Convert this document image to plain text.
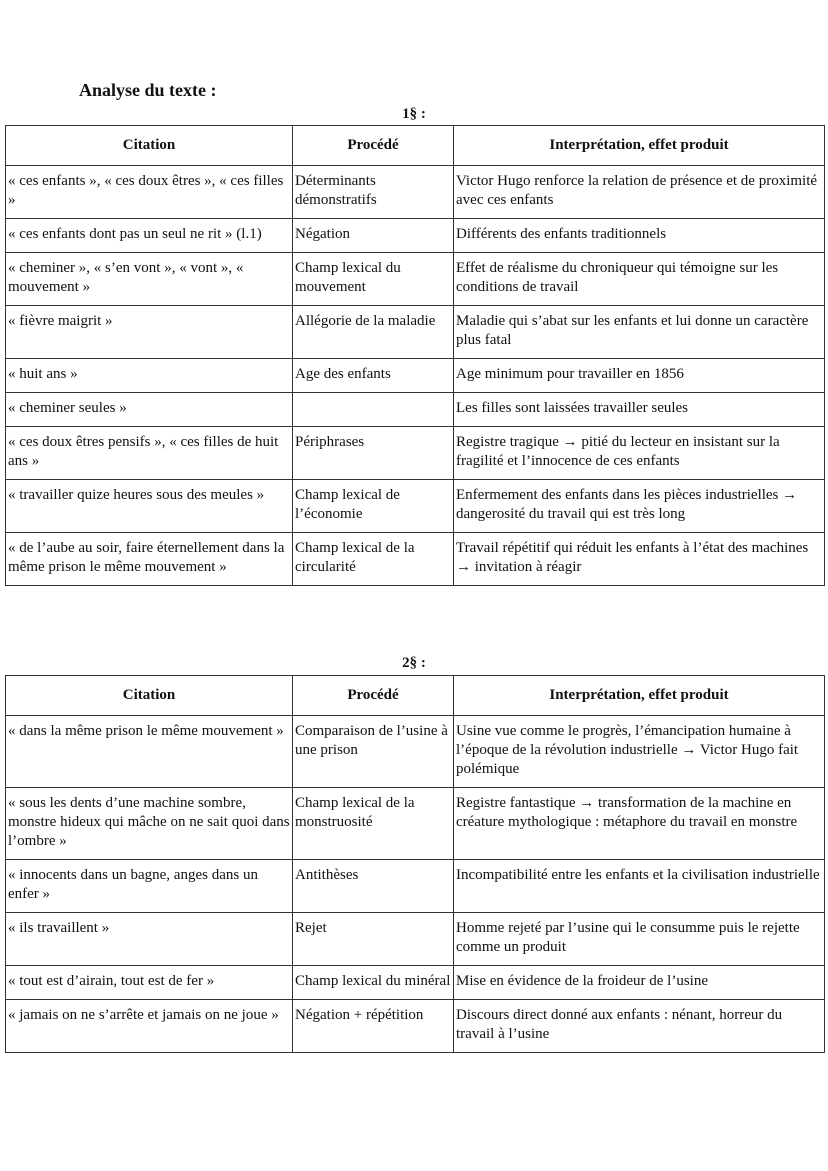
Analyse du texte :
1§ :
Citation	Procédé	Interprétation, effet produit
« ces enfants », « ces doux êtres », « ces filles »	Déterminants démonstratifs	Victor Hugo renforce la relation de présence et de proximité avec ces enfants
« ces enfants dont pas un seul ne rit » (l.1)	Négation	Différents des enfants traditionnels
« cheminer », « s’en vont », « vont », « mouvement »	Champ lexical du mouvement	Effet de réalisme du chroniqueur qui témoigne sur les conditions de travail
« fièvre maigrit »	Allégorie de la maladie	Maladie qui s’abat sur les enfants et lui donne un caractère plus fatal
« huit ans »	Age des enfants	Age minimum pour travailler en 1856
« cheminer seules »		Les filles sont laissées travailler seules
« ces doux êtres pensifs », « ces filles de huit ans »	Périphrases	Registre tragique → pitié du lecteur en insistant sur la fragilité et l’innocence de ces enfants
« travailler quize heures sous des meules »	Champ lexical de l’économie	Enfermement des enfants dans les pièces industrielles → dangerosité du travail qui est très long
« de l’aube au soir, faire éternellement dans la même prison le même mouvement »	Champ lexical de la circularité	Travail répétitif qui réduit les enfants à l’état des machines → invitation à réagir
2§ :
Citation	Procédé	Interprétation, effet produit
« dans la même prison le même mouvement »	Comparaison de l’usine à une prison	Usine vue comme le progrès, l’émancipation humaine à l’époque de la révolution industrielle → Victor Hugo fait polémique
« sous les dents d’une machine sombre, monstre hideux qui mâche on ne sait quoi dans l’ombre »	Champ lexical de la monstruosité	Registre fantastique → transformation de la machine en créature mythologique : métaphore du travail en monstre
« innocents dans un bagne, anges dans un enfer »	Antithèses	Incompatibilité entre les enfants et la civilisation industrielle
« ils travaillent »	Rejet	Homme rejeté par l’usine qui le consumme puis le rejette comme un produit
« tout est d’airain, tout est de fer »	Champ lexical du minéral	Mise en évidence de la froideur de l’usine
« jamais on ne s’arrête et jamais on ne joue »	Négation + répétition	Discours direct donné aux enfants : nénant, horreur du travail à l’usine
